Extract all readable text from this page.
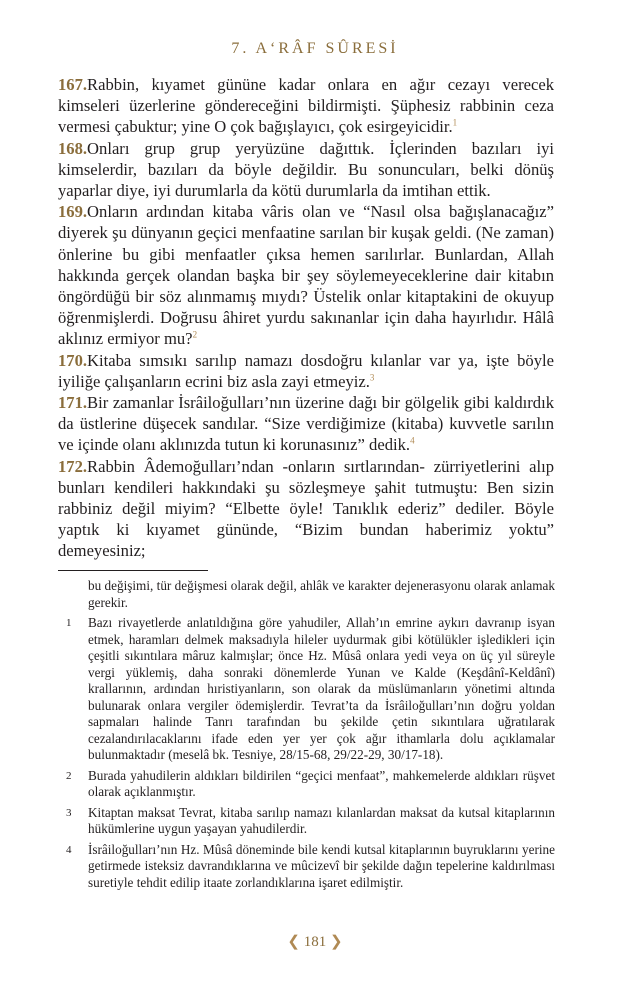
7. A‘RÂF SÛRESİ

167.Rabbin, kıyamet gününe kadar onlara en ağır cezayı verecek kimseleri üzerlerine göndereceğini bildirmişti. Şüphesiz rabbinin ceza vermesi çabuktur; yine O çok bağışlayıcı, çok esirgeyicidir.$^1$

168.Onları grup grup yeryüzüne dağıttık. İçlerinden bazıları iyi kimselerdir, bazıları da böyle değildir. Bu sonuncuları, belki dönüş yaparlar diye, iyi durumlarla da kötü durumlarla da imtihan ettik.

169.Onların ardından kitaba vâris olan ve “Nasıl olsa bağışlanacağız” diyerek şu dünyanın geçici menfaatine sarılan bir kuşak geldi. (Ne zaman) önlerine bu gibi menfaatler çıksa hemen sarılırlar. Bunlardan, Allah hakkında gerçek olandan başka bir şey söylemeyeceklerine dair kitabın öngördüğü bir söz alınmamış mıydı? Üstelik onlar kitaptakini de okuyup öğrenmişlerdi. Doğrusu âhiret yurdu sakınanlar için daha hayırlıdır. Hâlâ aklınız ermiyor mu?$^2$

170.Kitaba sımsıkı sarılıp namazı dosdoğru kılanlar var ya, işte böyle iyiliğe çalışanların ecrini biz asla zayi etmeyiz.$^3$

171.Bir zamanlar İsrâiloğulları’nın üzerine dağı bir gölgelik gibi kaldırdık da üstlerine düşecek sandılar. “Size verdiğimize (kitaba) kuvvetle sarılın ve içinde olanı aklınızda tutun ki korunasınız” dedik.$^4$

172.Rabbin Âdemoğulları’ndan -onların sırtlarından- zürriyetlerini alıp bunları kendileri hakkındaki şu sözleşmeye şahit tutmuştu: Ben sizin rabbiniz değil miyim? “Elbette öyle! Tanıklık ederiz” dediler. Böyle yaptık ki kıyamet gününde, “Bizim bundan haberimiz yoktu” demeyesiniz;

bu değişimi, tür değişmesi olarak değil, ahlâk ve karakter dejenerasyonu olarak anlamak gerekir.
1	Bazı rivayetlerde anlatıldığına göre yahudiler, Allah’ın emrine aykırı davranıp isyan etmek, haramları delmek maksadıyla hileler uydurmak gibi kötülükler işledikleri için çeşitli sıkıntılara mâruz kalmışlar; önce Hz. Mûsâ onlara yedi veya on üç yıl süreyle vergi yüklemiş, daha sonraki dönemlerde Yunan ve Kalde (Keşdânî-Keldânî) krallarının, ardından hıristiyanların, son olarak da müslümanların yönetimi altında bulunarak onlara vergiler ödemişlerdir. Tevrat’ta da İsrâiloğulları’nın doğru yoldan sapmaları halinde Tanrı tarafından bu şekilde çetin sıkıntılara uğratılarak cezalandırılacaklarını ifade eden yer yer çok ağır ithamlarla dolu açıklamalar bulunmaktadır (meselâ bk. Tesniye, 28/15-68, 29/22-29, 30/17-18).
2	Burada yahudilerin aldıkları bildirilen “geçici menfaat”, mahkemelerde aldıkları rüşvet olarak açıklanmıştır.
3	Kitaptan maksat Tevrat, kitaba sarılıp namazı kılanlardan maksat da kutsal kitaplarının hükümlerine uygun yaşayan yahudilerdir.
4	İsrâiloğulları’nın Hz. Mûsâ döneminde bile kendi kutsal kitaplarının buyruklarını yerine getirmede isteksiz davrandıklarına ve mûcizevî bir şekilde dağın tepelerine kaldırılması suretiyle tehdit edilip itaate zorlandıklarına işaret edilmiştir.
❮ 181 ❯
